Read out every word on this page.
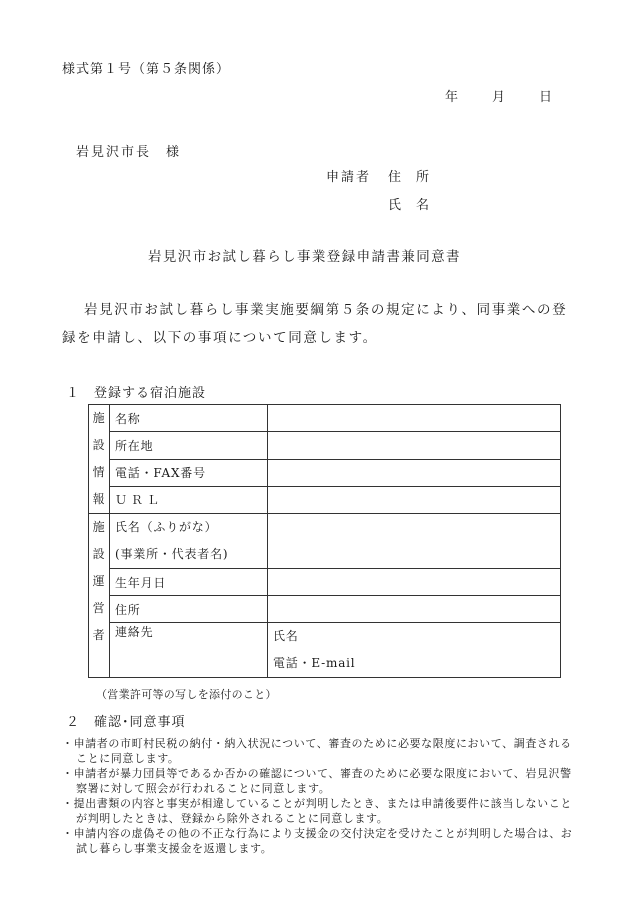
様式第１号（第５条関係）
年	月	日
岩見沢市長　様
申請者 住　所
氏　名
岩見沢市お試し暮らし事業登録申請書兼同意書
岩見沢市お試し暮らし事業実施要綱第５条の規定により、同事業への登
録を申請し、以下の事項について同意します。
１　登録する宿泊施設
施
設
情
報	名称	
	所在地	
	電話・FAX番号	
	ＵＲＬ	

施
設
運
営
者	氏名（ふりがな）
(事業所・代表者名)	

	生年月日	
	住所	
	連絡先	氏名
電話・E-mail
（営業許可等の写しを添付のこと）
２　確認･同意事項
・申請者の市町村民税の納付・納入状況について、審査のために必要な限度において、調査されることに同意します。
・申請者が暴力団員等であるか否かの確認について、審査のために必要な限度において、岩見沢警察署に対して照会が行われることに同意します。
・提出書類の内容と事実が相違していることが判明したとき、または申請後要件に該当しないことが判明したときは、登録から除外されることに同意します。
・申請内容の虚偽その他の不正な行為により支援金の交付決定を受けたことが判明した場合は、お試し暮らし事業支援金を返還します。
